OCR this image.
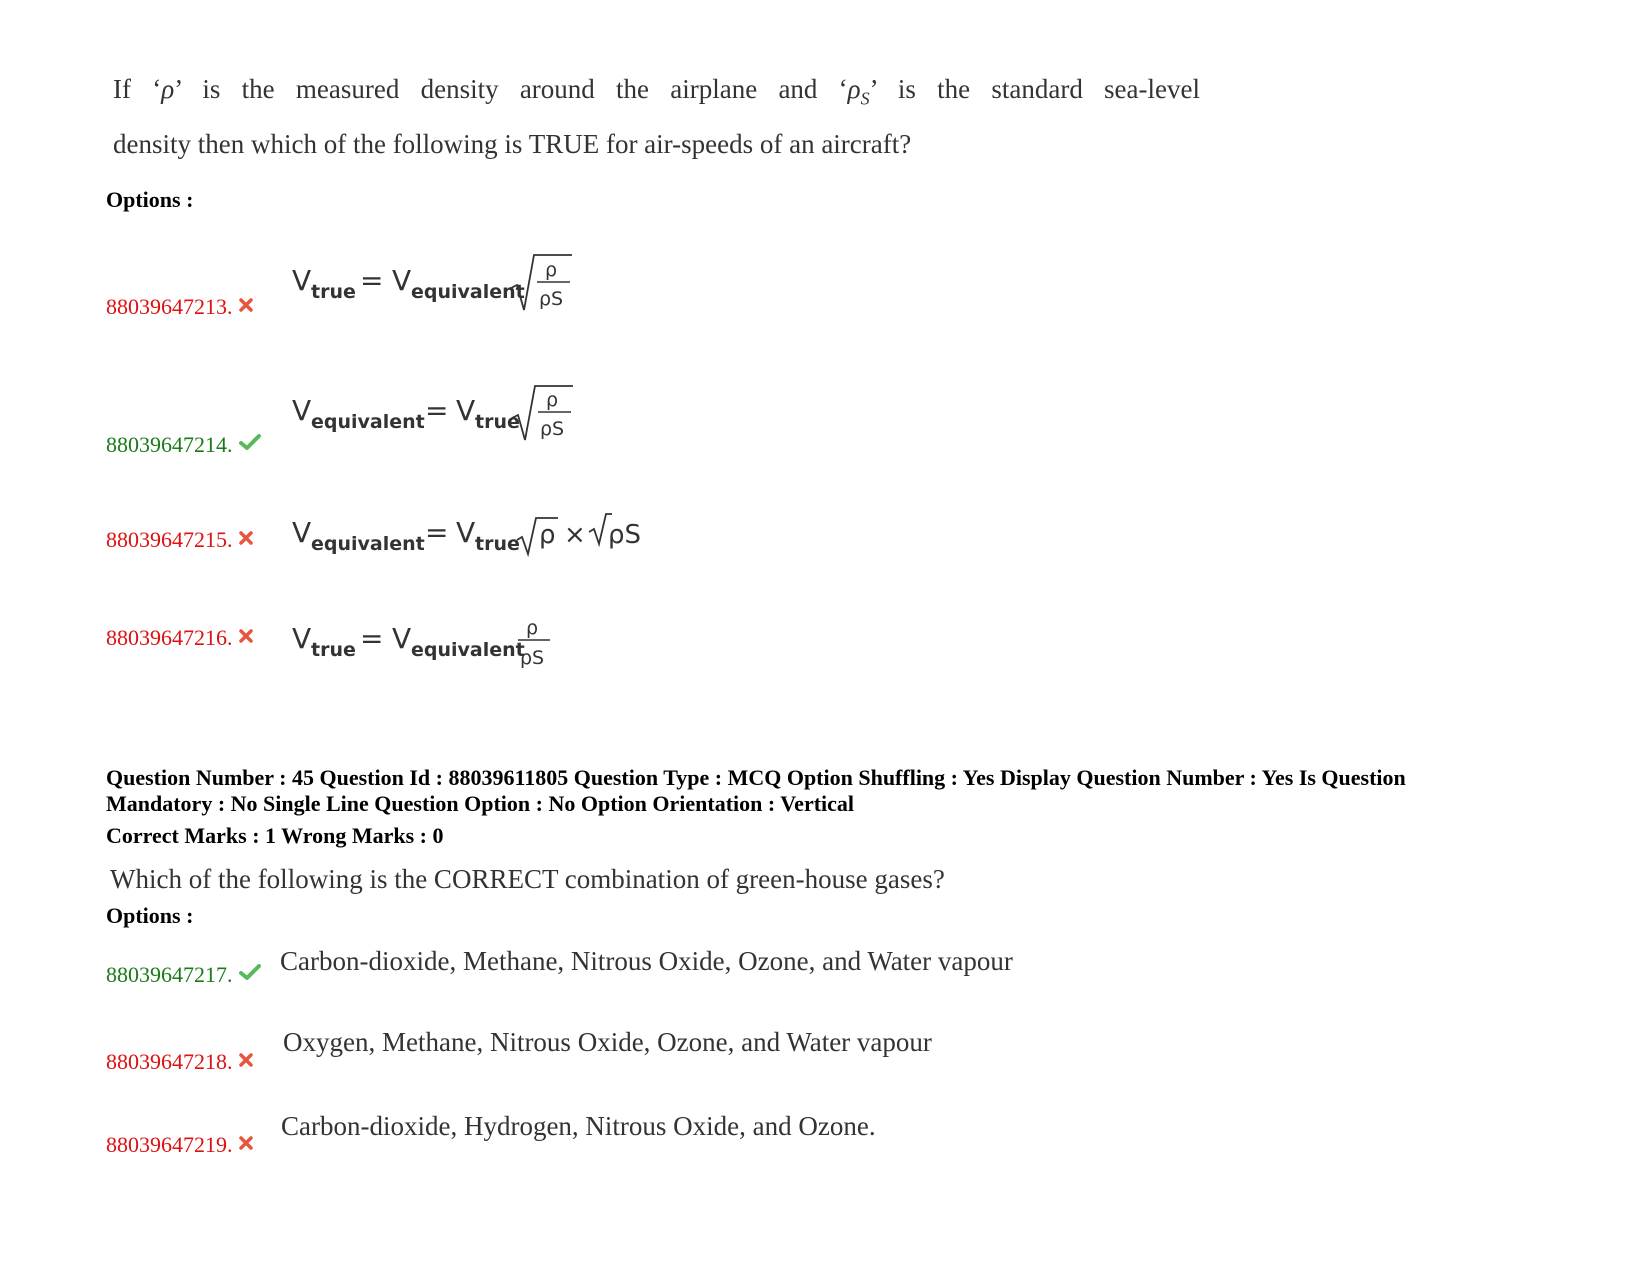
If ‘ρ’ is the measured density around the airplane and ‘$\rho_S$’ is the standard sea-level
density then which of the following is TRUE for air-speeds of an aircraft?
Options :
88039647213.
V true = V equivalent
ρ
ρS
88039647214.
V equivalent = V true
ρ
ρS
88039647215.	V equivalent = V true ρ × ρS
88039647216.	V true = V equivalent
ρ
ρS
Question Number : 45 Question Id : 88039611805 Question Type : MCQ Option Shuffling : Yes Display Question Number : Yes Is Question
Mandatory : No Single Line Question Option : No Option Orientation : Vertical
Correct Marks : 1 Wrong Marks : 0
Which of the following is the CORRECT combination of green-house gases?
Options :
88039647217.	Carbon-dioxide, Methane, Nitrous Oxide, Ozone, and Water vapour
88039647218.
Oxygen, Methane, Nitrous Oxide, Ozone, and Water vapour
88039647219.
Carbon-dioxide, Hydrogen, Nitrous Oxide, and Ozone.
